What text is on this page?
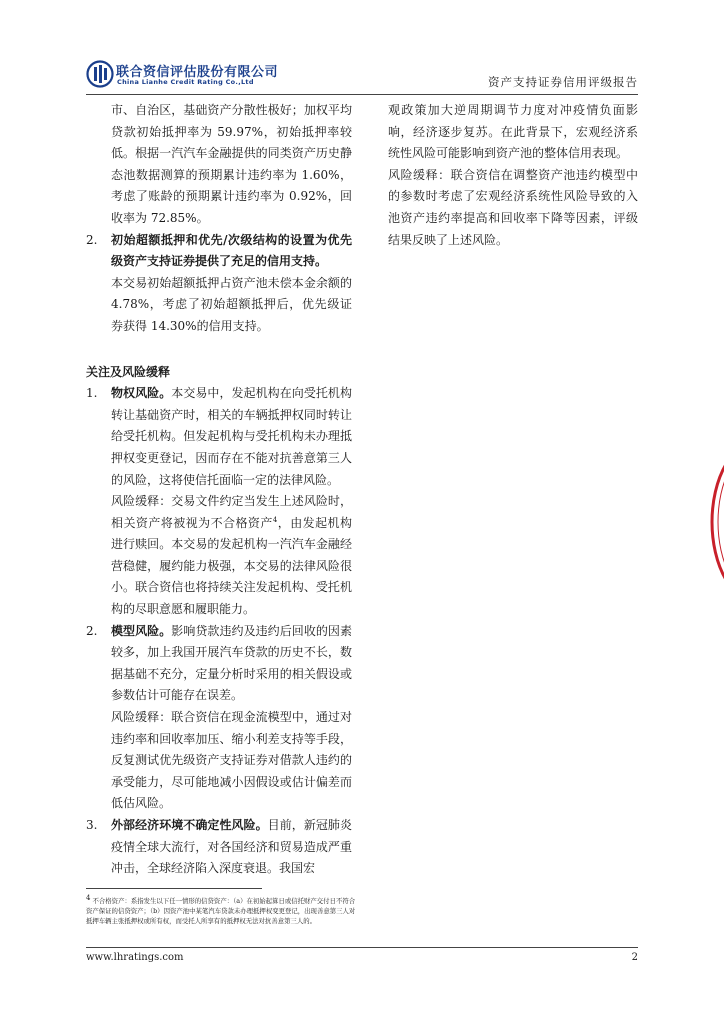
联合资信评估股份有限公司
China Lianhe Credit Rating Co.,Ltd	资产支持证券信用评级报告

市、自治区，基础资产分散性极好；加权平均贷款初始抵押率为 59.97%，初始抵押率较低。根据一汽汽车金融提供的同类资产历史静态池数据测算的预期累计违约率为 1.60%，考虑了账龄的预期累计违约率为 0.92%，回收率为 72.85%。

2. 初始超额抵押和优先/次级结构的设置为优先级资产支持证券提供了充足的信用支持。

本交易初始超额抵押占资产池未偿本金余额的 4.78%，考虑了初始超额抵押后，优先级证券获得 14.30%的信用支持。

关注及风险缓释
1. 物权风险。本交易中，发起机构在向受托机构转让基础资产时，相关的车辆抵押权同时转让给受托机构。但发起机构与受托机构未办理抵押权变更登记，因而存在不能对抗善意第三人的风险，这将使信托面临一定的法律风险。

风险缓释：交易文件约定当发生上述风险时，相关资产将被视为不合格资产$^4$，由发起机构进行赎回。本交易的发起机构一汽汽车金融经营稳健，履约能力极强，本交易的法律风险很小。联合资信也将持续关注发起机构、受托机构的尽职意愿和履职能力。

2. 模型风险。影响贷款违约及违约后回收的因素较多，加上我国开展汽车贷款的历史不长，数据基础不充分，定量分析时采用的相关假设或参数估计可能存在误差。

风险缓释：联合资信在现金流模型中，通过对违约率和回收率加压、缩小利差支持等手段，反复测试优先级资产支持证券对借款人违约的承受能力，尽可能地减小因假设或估计偏差而低估风险。

3. 外部经济环境不确定性风险。目前，新冠肺炎疫情全球大流行，对各国经济和贸易造成严重冲击，全球经济陷入深度衰退。我国宏

观政策加大逆周期调节力度对冲疫情负面影响，经济逐步复苏。在此背景下，宏观经济系统性风险可能影响到资产池的整体信用表现。

风险缓释：联合资信在调整资产池违约模型中的参数时考虑了宏观经济系统性风险导致的入池资产违约率提高和回收率下降等因素，评级结果反映了上述风险。

$^4$ 不合格资产：系指发生以下任一情形的信贷资产：（a）在初始起算日或信托财产交付日不符合资产保证的信贷资产；（b）因资产池中某笔汽车贷款未办理抵押权变更登记，出现善意第三人对抵押车辆主张抵押权或所有权，而受托人所享有的抵押权无法对抗善意第三人的。
www.lhratings.com	2
